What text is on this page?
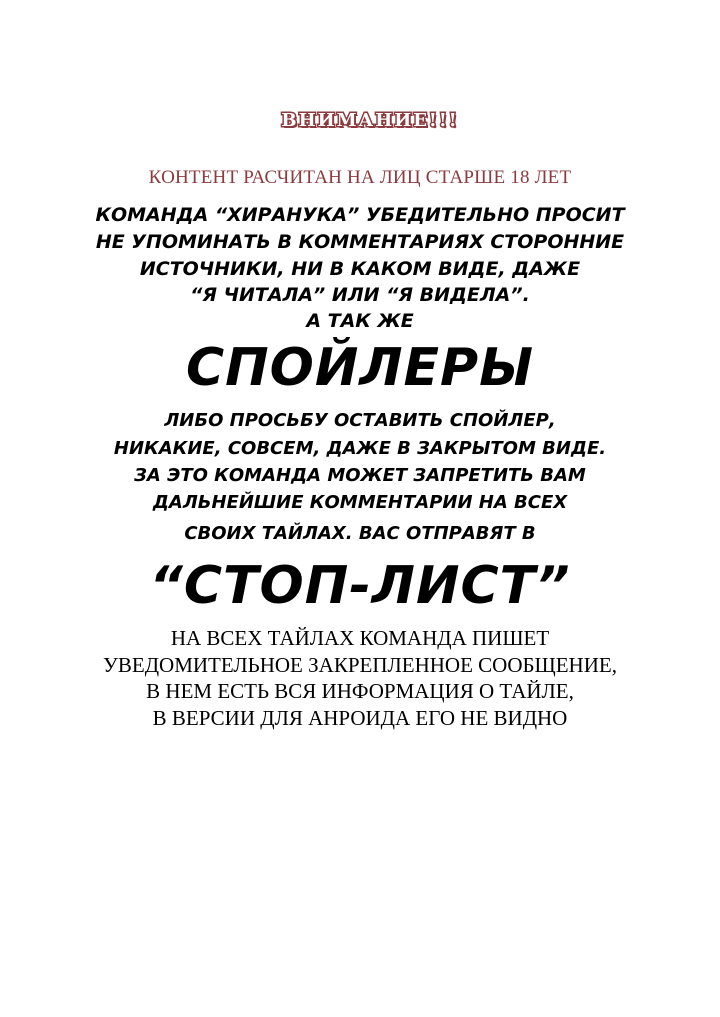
ВНИМАНИЕ!!!
КОНТЕНТ РАСЧИТАН НА ЛИЦ СТАРШЕ 18 ЛЕТ
КОМАНДА “ХИРАНУКА” УБЕДИТЕЛЬНО ПРОСИТ
НЕ УПОМИНАТЬ В КОММЕНТАРИЯХ СТОРОННИЕ
ИСТОЧНИКИ, НИ В КАКОМ ВИДЕ, ДАЖЕ
“Я ЧИТАЛА” ИЛИ “Я ВИДЕЛА”.
А ТАК ЖЕ
СПОЙЛЕРЫ
ЛИБО ПРОСЬБУ ОСТАВИТЬ СПОЙЛЕР,
НИКАКИЕ, СОВСЕМ, ДАЖЕ В ЗАКРЫТОМ ВИДЕ.
ЗА ЭТО КОМАНДА МОЖЕТ ЗАПРЕТИТЬ ВАМ
ДАЛЬНЕЙШИЕ КОММЕНТАРИИ НА ВСЕХ
СВОИХ ТАЙЛАХ. ВАС ОТПРАВЯТ В
“СТОП-ЛИСТ”
НА ВСЕХ ТАЙЛАХ КОМАНДА ПИШЕТ
УВЕДОМИТЕЛЬНОЕ ЗАКРЕПЛЕННОЕ СООБЩЕНИЕ,
В НЕМ ЕСТЬ ВСЯ ИНФОРМАЦИЯ О ТАЙЛЕ,
В ВЕРСИИ ДЛЯ АНРОИДА ЕГО НЕ ВИДНО
